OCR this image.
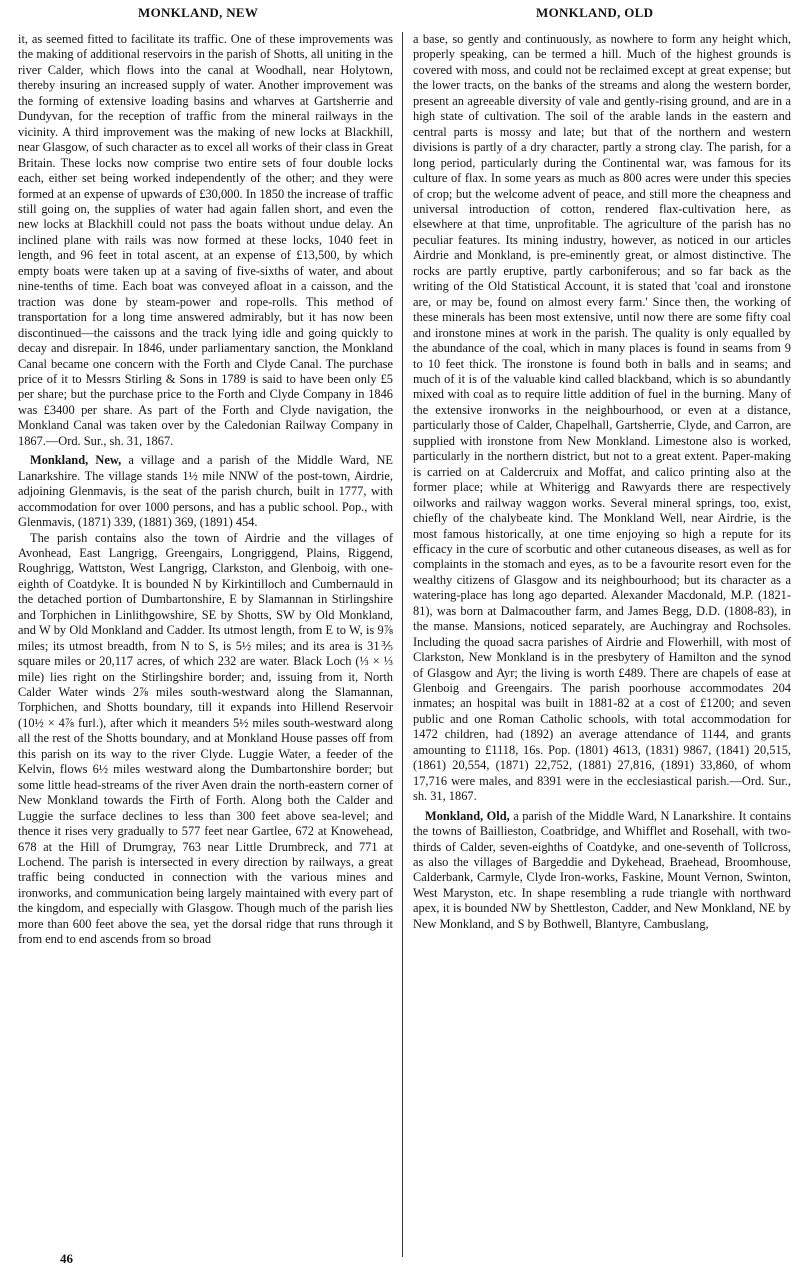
MONKLAND, NEW	MONKLAND, OLD

it, as seemed fitted to facilitate its traffic. One of these improvements was the making of additional reservoirs in the parish of Shotts, all uniting in the river Calder, which flows into the canal at Woodhall, near Holytown, thereby insuring an increased supply of water. Another improvement was the forming of extensive loading basins and wharves at Gartsherrie and Dundyvan, for the reception of traffic from the mineral railways in the vicinity. A third improvement was the making of new locks at Blackhill, near Glasgow, of such character as to excel all works of their class in Great Britain. These locks now comprise two entire sets of four double locks each, either set being worked independently of the other; and they were formed at an expense of upwards of £30,000. In 1850 the increase of traffic still going on, the supplies of water had again fallen short, and even the new locks at Blackhill could not pass the boats without undue delay. An inclined plane with rails was now formed at these locks, 1040 feet in length, and 96 feet in total ascent, at an expense of £13,500, by which empty boats were taken up at a saving of five-sixths of water, and about nine-tenths of time. Each boat was conveyed afloat in a caisson, and the traction was done by steam-power and rope-rolls. This method of transportation for a long time answered admirably, but it has now been discontinued—the caissons and the track lying idle and going quickly to decay and disrepair. In 1846, under parliamentary sanction, the Monkland Canal became one concern with the Forth and Clyde Canal. The purchase price of it to Messrs Stirling & Sons in 1789 is said to have been only £5 per share; but the purchase price to the Forth and Clyde Company in 1846 was £3400 per share. As part of the Forth and Clyde navigation, the Monkland Canal was taken over by the Caledonian Railway Company in 1867.—Ord. Sur., sh. 31, 1867.

Monkland, New, a village and a parish of the Middle Ward, NE Lanarkshire. The village stands 1½ mile NNW of the post-town, Airdrie, adjoining Glenmavis, is the seat of the parish church, built in 1777, with accommodation for over 1000 persons, and has a public school. Pop., with Glenmavis, (1871) 339, (1881) 369, (1891) 454.

The parish contains also the town of Airdrie and the villages of Avonhead, East Langrigg, Greengairs, Longriggend, Plains, Riggend, Roughrigg, Wattston, West Langrigg, Clarkston, and Glenboig, with one-eighth of Coatdyke. It is bounded N by Kirkintilloch and Cumbernauld in the detached portion of Dumbartonshire, E by Slamannan in Stirlingshire and Torphichen in Linlithgowshire, SE by Shotts, SW by Old Monkland, and W by Old Monkland and Cadder. Its utmost length, from E to W, is 9⅞ miles; its utmost breadth, from N to S, is 5½ miles; and its area is 31⅗ square miles or 20,117 acres, of which 232 are water. Black Loch (⅓ × ⅓ mile) lies right on the Stirlingshire border; and, issuing from it, North Calder Water winds 2⅞ miles south-westward along the Slamannan, Torphichen, and Shotts boundary, till it expands into Hillend Reservoir (10½ × 4⅞ furl.), after which it meanders 5½ miles south-westward along all the rest of the Shotts boundary, and at Monkland House passes off from this parish on its way to the river Clyde. Luggie Water, a feeder of the Kelvin, flows 6½ miles westward along the Dumbartonshire border; but some little head-streams of the river Aven drain the north-eastern corner of New Monkland towards the Firth of Forth. Along both the Calder and Luggie the surface declines to less than 300 feet above sea-level; and thence it rises very gradually to 577 feet near Gartlee, 672 at Knowehead, 678 at the Hill of Drumgray, 763 near Little Drumbreck, and 771 at Lochend. The parish is intersected in every direction by railways, a great traffic being conducted in connection with the various mines and ironworks, and communication being largely maintained with every part of the kingdom, and especially with Glasgow. Though much of the parish lies more than 600 feet above the sea, yet the dorsal ridge that runs through it from end to end ascends from so broad

a base, so gently and continuously, as nowhere to form any height which, properly speaking, can be termed a hill. Much of the highest grounds is covered with moss, and could not be reclaimed except at great expense; but the lower tracts, on the banks of the streams and along the western border, present an agreeable diversity of vale and gently-rising ground, and are in a high state of cultivation. The soil of the arable lands in the eastern and central parts is mossy and late; but that of the northern and western divisions is partly of a dry character, partly a strong clay. The parish, for a long period, particularly during the Continental war, was famous for its culture of flax. In some years as much as 800 acres were under this species of crop; but the welcome advent of peace, and still more the cheapness and universal introduction of cotton, rendered flax-cultivation here, as elsewhere at that time, unprofitable. The agriculture of the parish has no peculiar features. Its mining industry, however, as noticed in our articles Airdrie and Monkland, is pre-eminently great, or almost distinctive. The rocks are partly eruptive, partly carboniferous; and so far back as the writing of the Old Statistical Account, it is stated that 'coal and ironstone are, or may be, found on almost every farm.' Since then, the working of these minerals has been most extensive, until now there are some fifty coal and ironstone mines at work in the parish. The quality is only equalled by the abundance of the coal, which in many places is found in seams from 9 to 10 feet thick. The ironstone is found both in balls and in seams; and much of it is of the valuable kind called blackband, which is so abundantly mixed with coal as to require little addition of fuel in the burning. Many of the extensive ironworks in the neighbourhood, or even at a distance, particularly those of Calder, Chapelhall, Gartsherrie, Clyde, and Carron, are supplied with ironstone from New Monkland. Limestone also is worked, particularly in the northern district, but not to a great extent. Paper-making is carried on at Caldercruix and Moffat, and calico printing also at the former place; while at Whiterigg and Rawyards there are respectively oilworks and railway waggon works. Several mineral springs, too, exist, chiefly of the chalybeate kind. The Monkland Well, near Airdrie, is the most famous historically, at one time enjoying so high a repute for its efficacy in the cure of scorbutic and other cutaneous diseases, as well as for complaints in the stomach and eyes, as to be a favourite resort even for the wealthy citizens of Glasgow and its neighbourhood; but its character as a watering-place has long ago departed. Alexander Macdonald, M.P. (1821-81), was born at Dalmacouther farm, and James Begg, D.D. (1808-83), in the manse. Mansions, noticed separately, are Auchingray and Rochsoles. Including the quoad sacra parishes of Airdrie and Flowerhill, with most of Clarkston, New Monkland is in the presbytery of Hamilton and the synod of Glasgow and Ayr; the living is worth £489. There are chapels of ease at Glenboig and Greengairs. The parish poorhouse accommodates 204 inmates; an hospital was built in 1881-82 at a cost of £1200; and seven public and one Roman Catholic schools, with total accommodation for 1472 children, had (1892) an average attendance of 1144, and grants amounting to £1118, 16s. Pop. (1801) 4613, (1831) 9867, (1841) 20,515, (1861) 20,554, (1871) 22,752, (1881) 27,816, (1891) 33,860, of whom 17,716 were males, and 8391 were in the ecclesiastical parish.—Ord. Sur., sh. 31, 1867.

Monkland, Old, a parish of the Middle Ward, N Lanarkshire. It contains the towns of Baillieston, Coatbridge, and Whifflet and Rosehall, with two-thirds of Calder, seven-eighths of Coatdyke, and one-seventh of Tollcross, as also the villages of Bargeddie and Dykehead, Braehead, Broomhouse, Calderbank, Carmyle, Clyde Iron-works, Faskine, Mount Vernon, Swinton, West Maryston, etc. In shape resembling a rude triangle with northward apex, it is bounded NW by Shettleston, Cadder, and New Monkland, NE by New Monkland, and S by Bothwell, Blantyre, Cambuslang,

46
